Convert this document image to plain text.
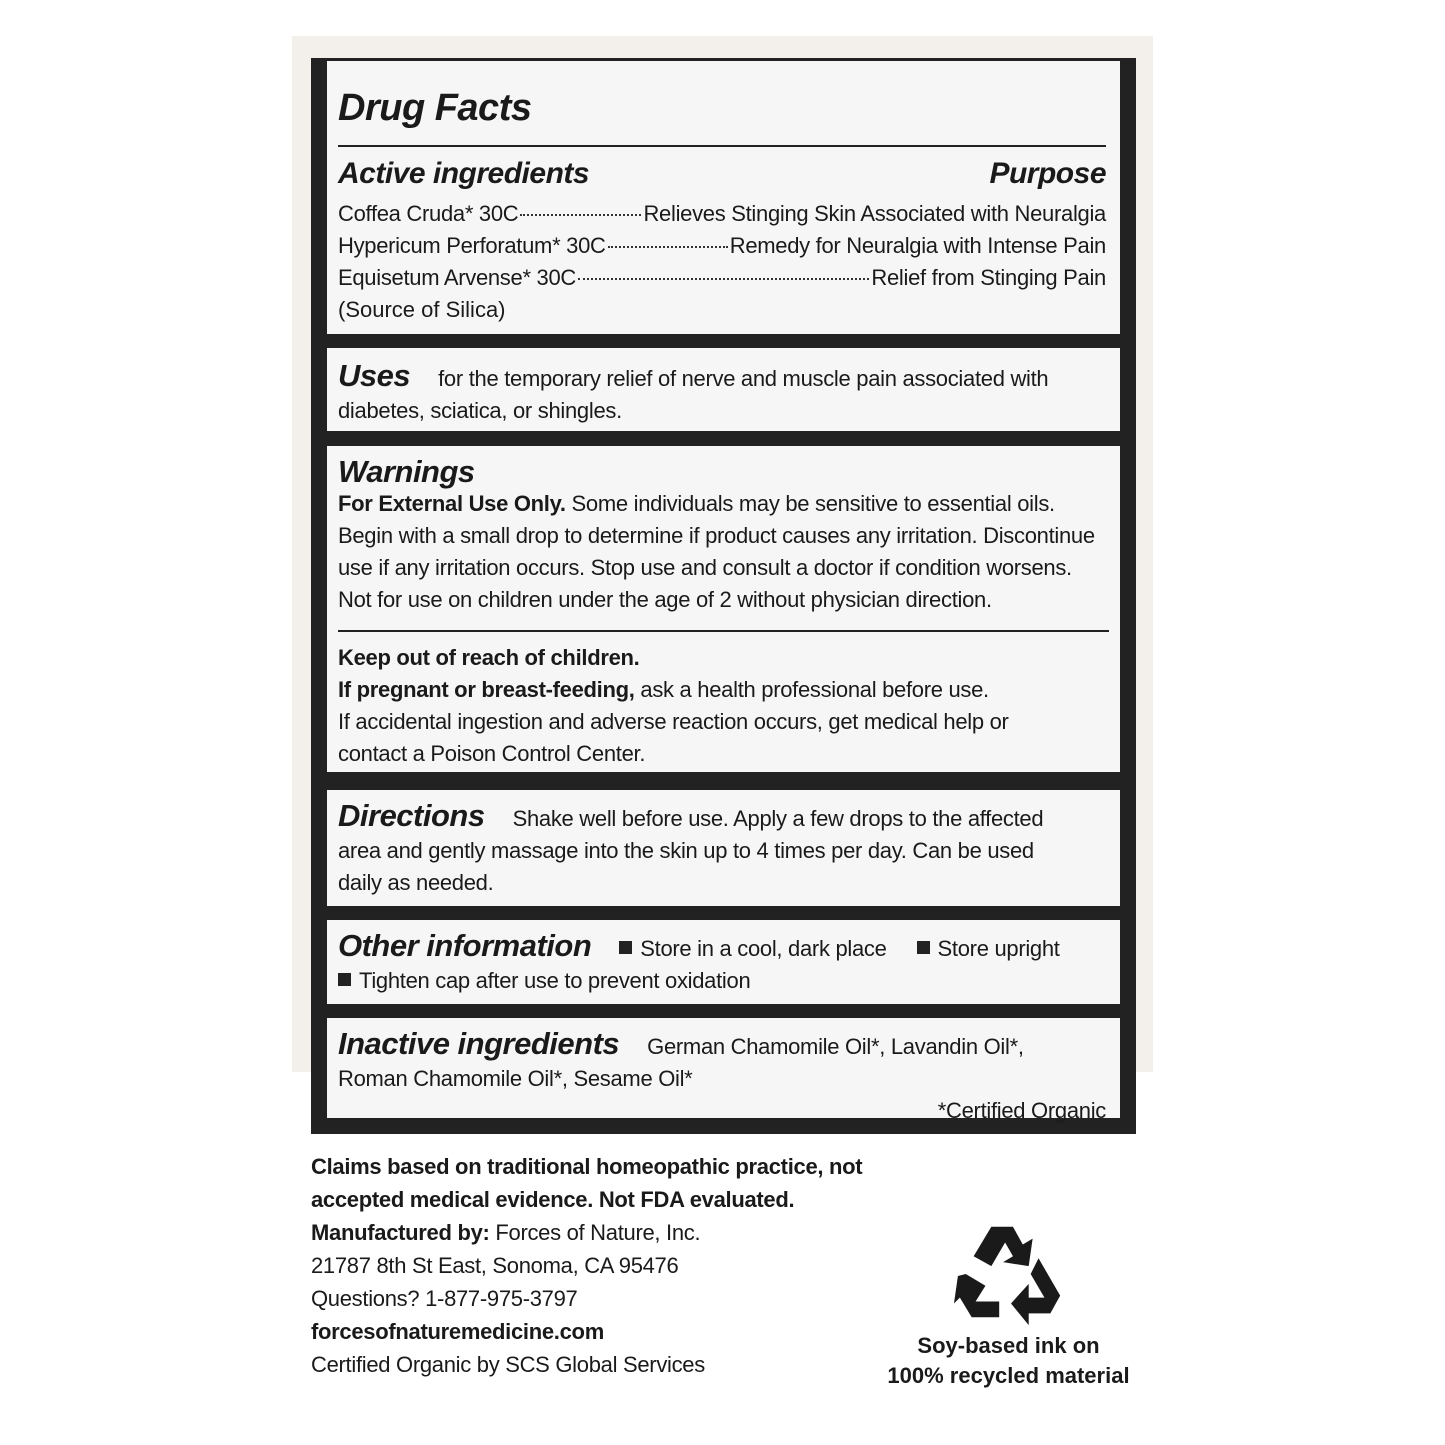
Drug Facts
Active ingredients	Purpose
Coffea Cruda* 30C	Relieves Stinging Skin Associated with Neuralgia
Hypericum Perforatum* 30C	Remedy for Neuralgia with Intense Pain
Equisetum Arvense* 30C	Relief from Stinging Pain
(Source of Silica)
Uses for the temporary relief of nerve and muscle pain associated with diabetes, sciatica, or shingles.
Warnings
For External Use Only. Some individuals may be sensitive to essential oils. Begin with a small drop to determine if product causes any irritation. Discontinue use if any irritation occurs. Stop use and consult a doctor if condition worsens. Not for use on children under the age of 2 without physician direction.
Keep out of reach of children.
If pregnant or breast-feeding, ask a health professional before use.
If accidental ingestion and adverse reaction occurs, get medical help or contact a Poison Control Center.
Directions Shake well before use. Apply a few drops to the affected area and gently massage into the skin up to 4 times per day. Can be used daily as needed.
Other information Store in a cool, dark place Store upright
Tighten cap after use to prevent oxidation
Inactive ingredients German Chamomile Oil*, Lavandin Oil*, Roman Chamomile Oil*, Sesame Oil*
*Certified Organic
Claims based on traditional homeopathic practice, not accepted medical evidence. Not FDA evaluated.
Manufactured by: Forces of Nature, Inc.
21787 8th St East, Sonoma, CA 95476
Questions? 1-877-975-3797
forcesofnaturemedicine.com
Certified Organic by SCS Global Services
Soy-based ink on
100% recycled material
